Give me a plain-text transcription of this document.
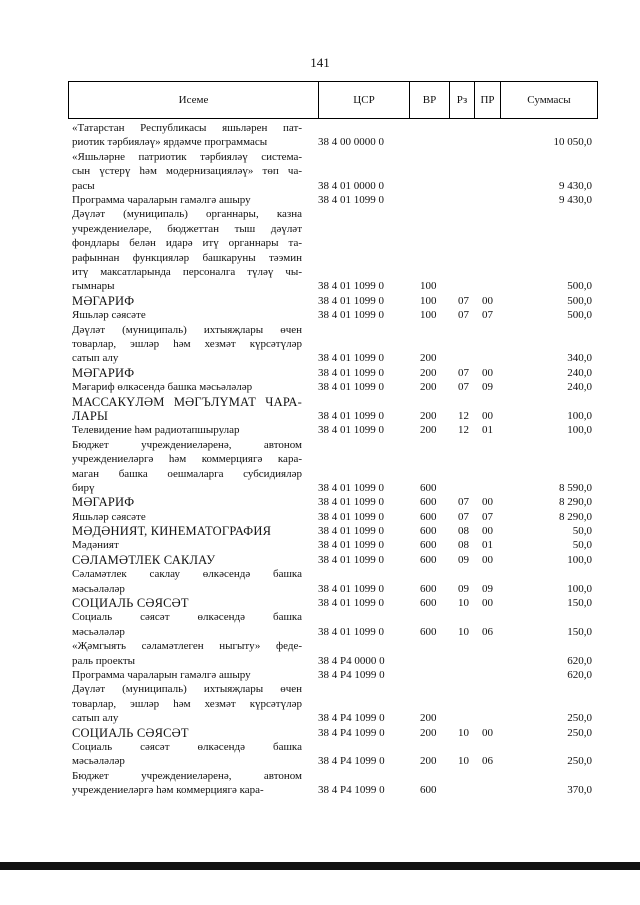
141
Исеме	ЦСР	ВР	Рз	ПР	Суммасы
«Татарстан Республикасы яшьләрен пат-
риотик тәрбияләү» ярдәмче программасы	38 4 00 0000 0	10 050,0
«Яшьләрне патриотик тәрбияләү система-
сын үстерү һәм модернизацияләү» төп ча-
расы	38 4 01 0000 0	9 430,0
Программа чараларын гамәлгә ашыру	38 4 01 1099 0	9 430,0
Дәүләт (муниципаль) органнары, казна
учреждениеләре, бюджеттан тыш дәүләт
фондлары белән идарә итү органнары та-
рафыннан функцияләр башкаруны тәэмин
итү максатларында персоналга түләү чы-
гымнары	38 4 01 1099 0	100	500,0
МӘГАРИФ	38 4 01 1099 0	100 07 00	500,0
Яшьләр сәясәте	38 4 01 1099 0	100 07 07	500,0
Дәүләт (муниципаль) ихтыяҗлары өчен
товарлар, эшләр һәм хезмәт күрсәтүләр
сатып алу	38 4 01 1099 0	200	340,0
МӘГАРИФ	38 4 01 1099 0	200 07 00	240,0
Мәгариф өлкәсендә башка мәсьәләләр	38 4 01 1099 0	200 07 09	240,0
МАССАКҮЛӘМ МӘГЪЛҮМАТ ЧАРА-
ЛАРЫ	38 4 01 1099 0	200 12 00	100,0
Телевидение һәм радиотапшырулар	38 4 01 1099 0	200 12 01	100,0
Бюджет учреждениеләренә, автоном
учреждениеләргә һәм коммерциягә кара-
маган башка оешмаларга субсидияләр
бирү	38 4 01 1099 0	600	8 590,0
МӘГАРИФ	38 4 01 1099 0	600 07 00	8 290,0
Яшьләр сәясәте	38 4 01 1099 0	600 07 07	8 290,0
МӘДӘНИЯТ, КИНЕМАТОГРАФИЯ	38 4 01 1099 0	600 08 00	50,0
Мәдәният	38 4 01 1099 0	600 08 01	50,0
СӘЛАМӘТЛЕК САКЛАУ	38 4 01 1099 0	600 09 00	100,0
Сәламәтлек саклау өлкәсендә башка
мәсьәләләр	38 4 01 1099 0	600 09 09	100,0
СОЦИАЛЬ СӘЯСӘТ	38 4 01 1099 0	600 10 00	150,0
Социаль сәясәт өлкәсендә башка
мәсьәләләр	38 4 01 1099 0	600 10 06	150,0
«Җәмгыять сәламәтлеген ныгыту» феде-
раль проекты	38 4 P4 0000 0	620,0
Программа чараларын гамәлгә ашыру	38 4 P4 1099 0	620,0
Дәүләт (муниципаль) ихтыяҗлары өчен
товарлар, эшләр һәм хезмәт күрсәтүләр
сатып алу	38 4 P4 1099 0	200	250,0
СОЦИАЛЬ СӘЯСӘТ	38 4 P4 1099 0	200 10 00	250,0
Социаль сәясәт өлкәсендә башка
мәсьәләләр	38 4 P4 1099 0	200 10 06	250,0
Бюджет учреждениеләренә, автоном
учреждениеләргә һәм коммерциягә кара-	38 4 P4 1099 0	600	370,0
